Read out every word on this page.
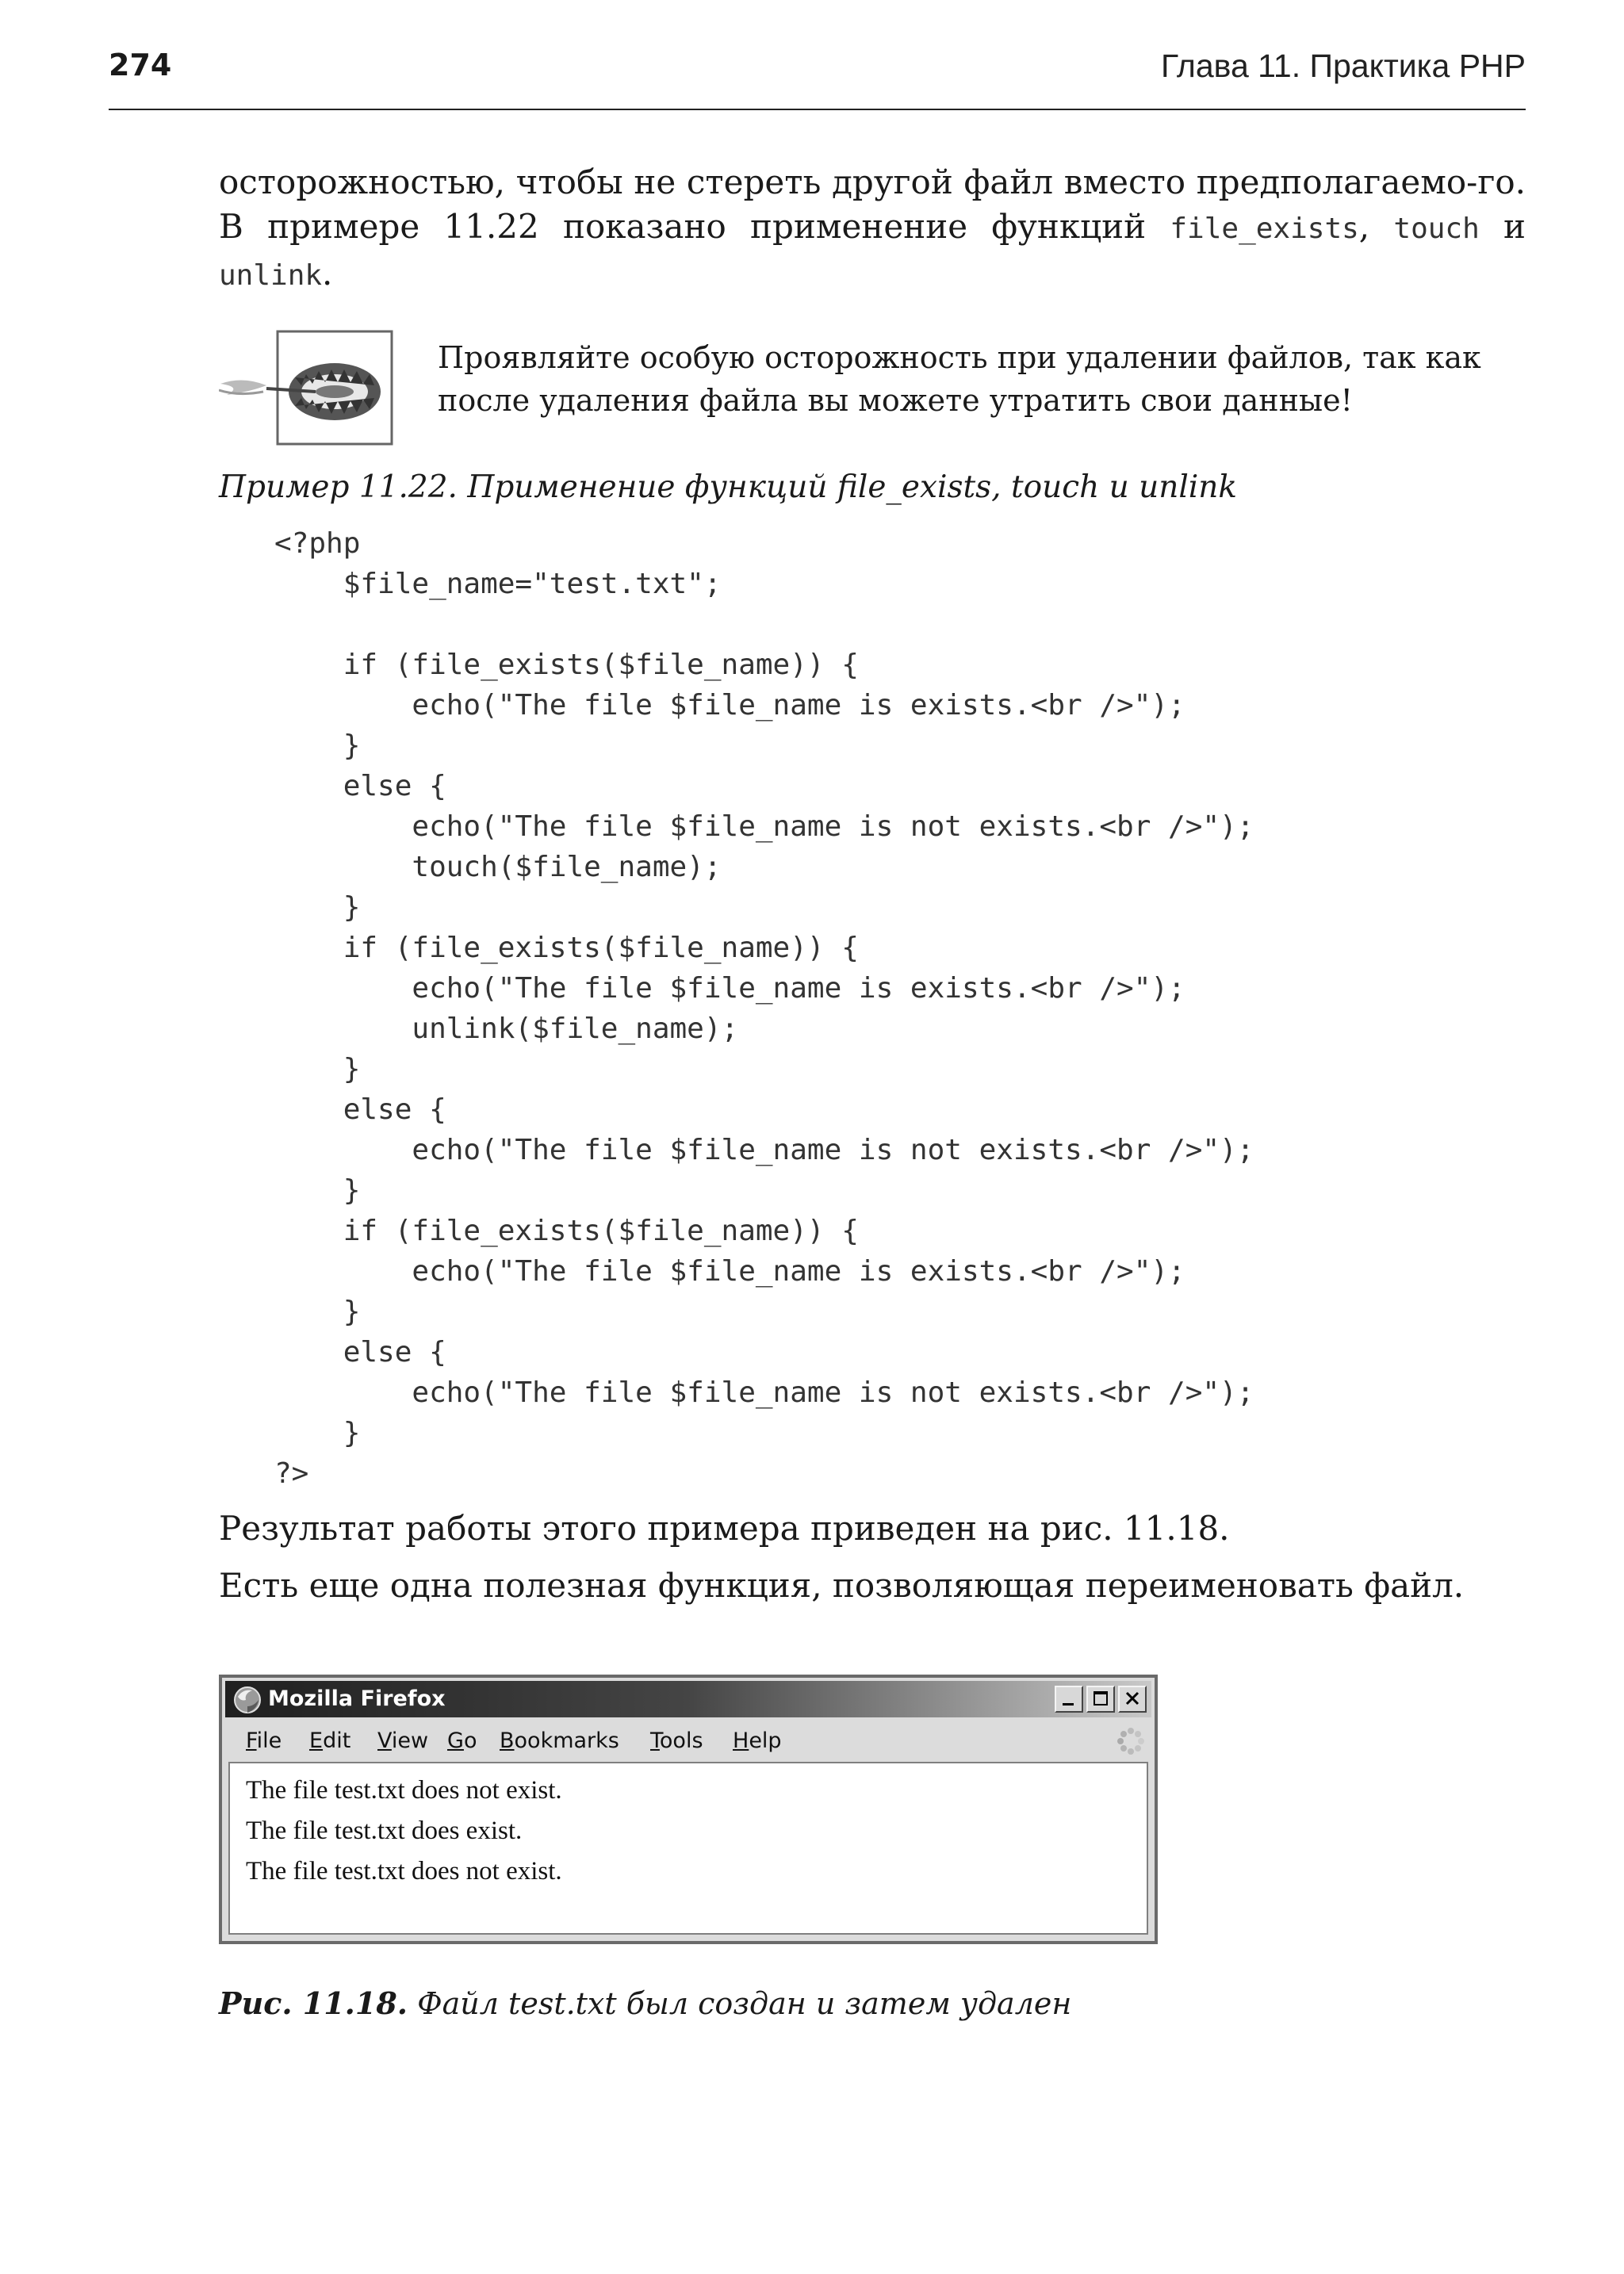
274	Глава 11. Практика PHP
осторожностью, чтобы не стереть другой файл вместо предполагаемо-го. В примере 11.22 показано применение функций file_exists, touch и unlink.
Проявляйте особую осторожность при удалении файлов, так как после удаления файла вы можете утратить свои данные!
Пример 11.22. Применение функций file_exists, touch и unlink
<?php
$file_name="test.txt";
if (file_exists($file_name)) {
echo("The file $file_name is exists.<br />");
}
else {
echo("The file $file_name is not exists.<br />");
touch($file_name);
}
if (file_exists($file_name)) {
echo("The file $file_name is exists.<br />");
unlink($file_name);
}
else {
echo("The file $file_name is not exists.<br />");
}
if (file_exists($file_name)) {
echo("The file $file_name is exists.<br />");
}
else {
echo("The file $file_name is not exists.<br />");
}
?>
Результат работы этого примера приведен на рис. 11.18.
Есть еще одна полезная функция, позволяющая переименовать файл.
Mozilla Firefox
File Edit View Go Bookmarks Tools Help
The file test.txt does not exist.
The file test.txt does exist.
The file test.txt does not exist.
Рис. 11.18. Файл test.txt был создан и затем удален
